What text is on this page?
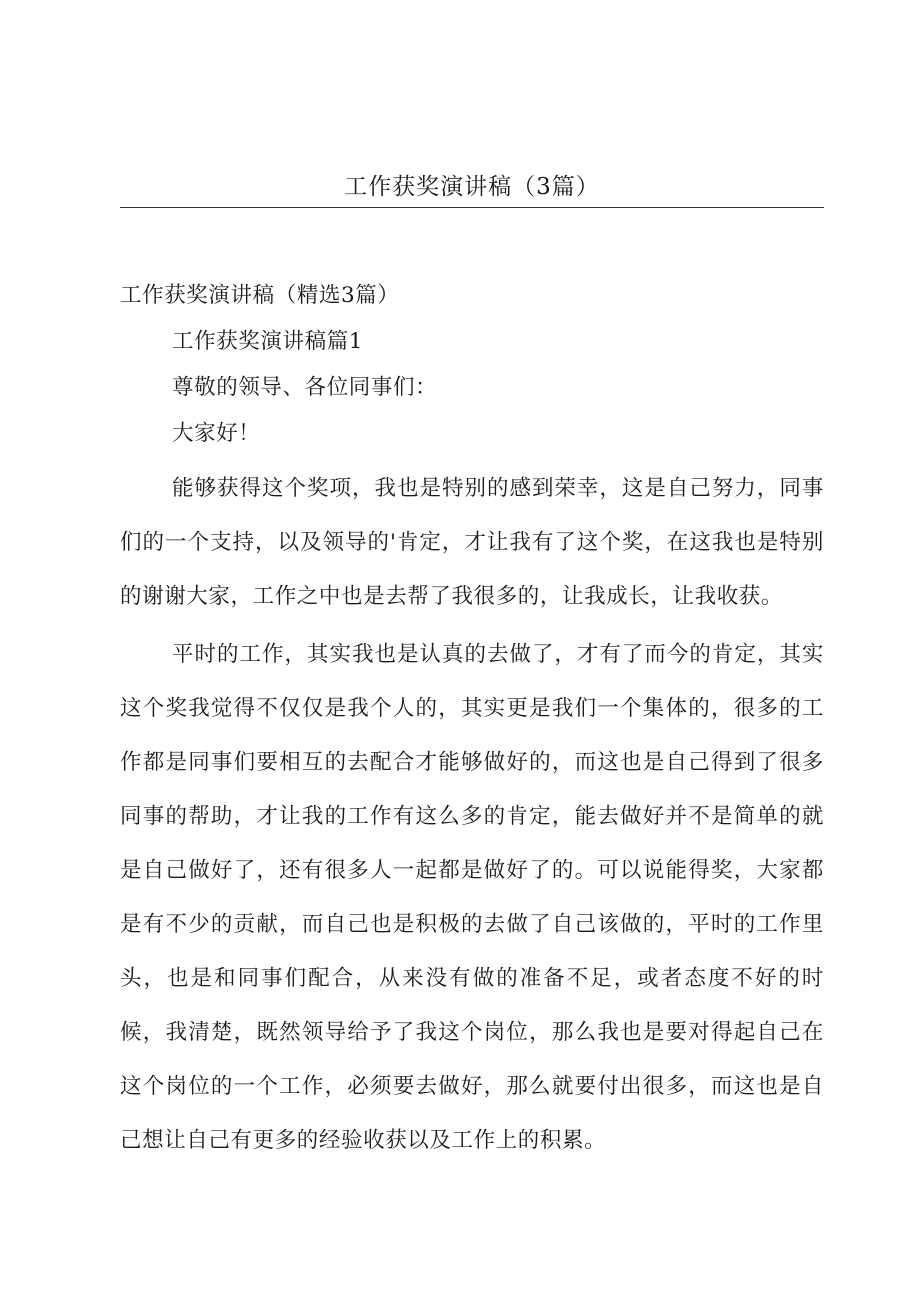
工作获奖演讲稿（3篇）

工作获奖演讲稿（精选3篇）

工作获奖演讲稿篇1

尊敬的领导、各位同事们：

大家好！

能够获得这个奖项，我也是特别的感到荣幸，这是自己努力，同事们的一个支持，以及领导的'肯定，才让我有了这个奖，在这我也是特别的谢谢大家，工作之中也是去帮了我很多的，让我成长，让我收获。

平时的工作，其实我也是认真的去做了，才有了而今的肯定，其实这个奖我觉得不仅仅是我个人的，其实更是我们一个集体的，很多的工作都是同事们要相互的去配合才能够做好的，而这也是自己得到了很多同事的帮助，才让我的工作有这么多的肯定，能去做好并不是简单的就是自己做好了，还有很多人一起都是做好了的。可以说能得奖，大家都是有不少的贡献，而自己也是积极的去做了自己该做的，平时的工作里头，也是和同事们配合，从来没有做的准备不足，或者态度不好的时候，我清楚，既然领导给予了我这个岗位，那么我也是要对得起自己在这个岗位的一个工作，必须要去做好，那么就要付出很多，而这也是自己想让自己有更多的经验收获以及工作上的积累。
